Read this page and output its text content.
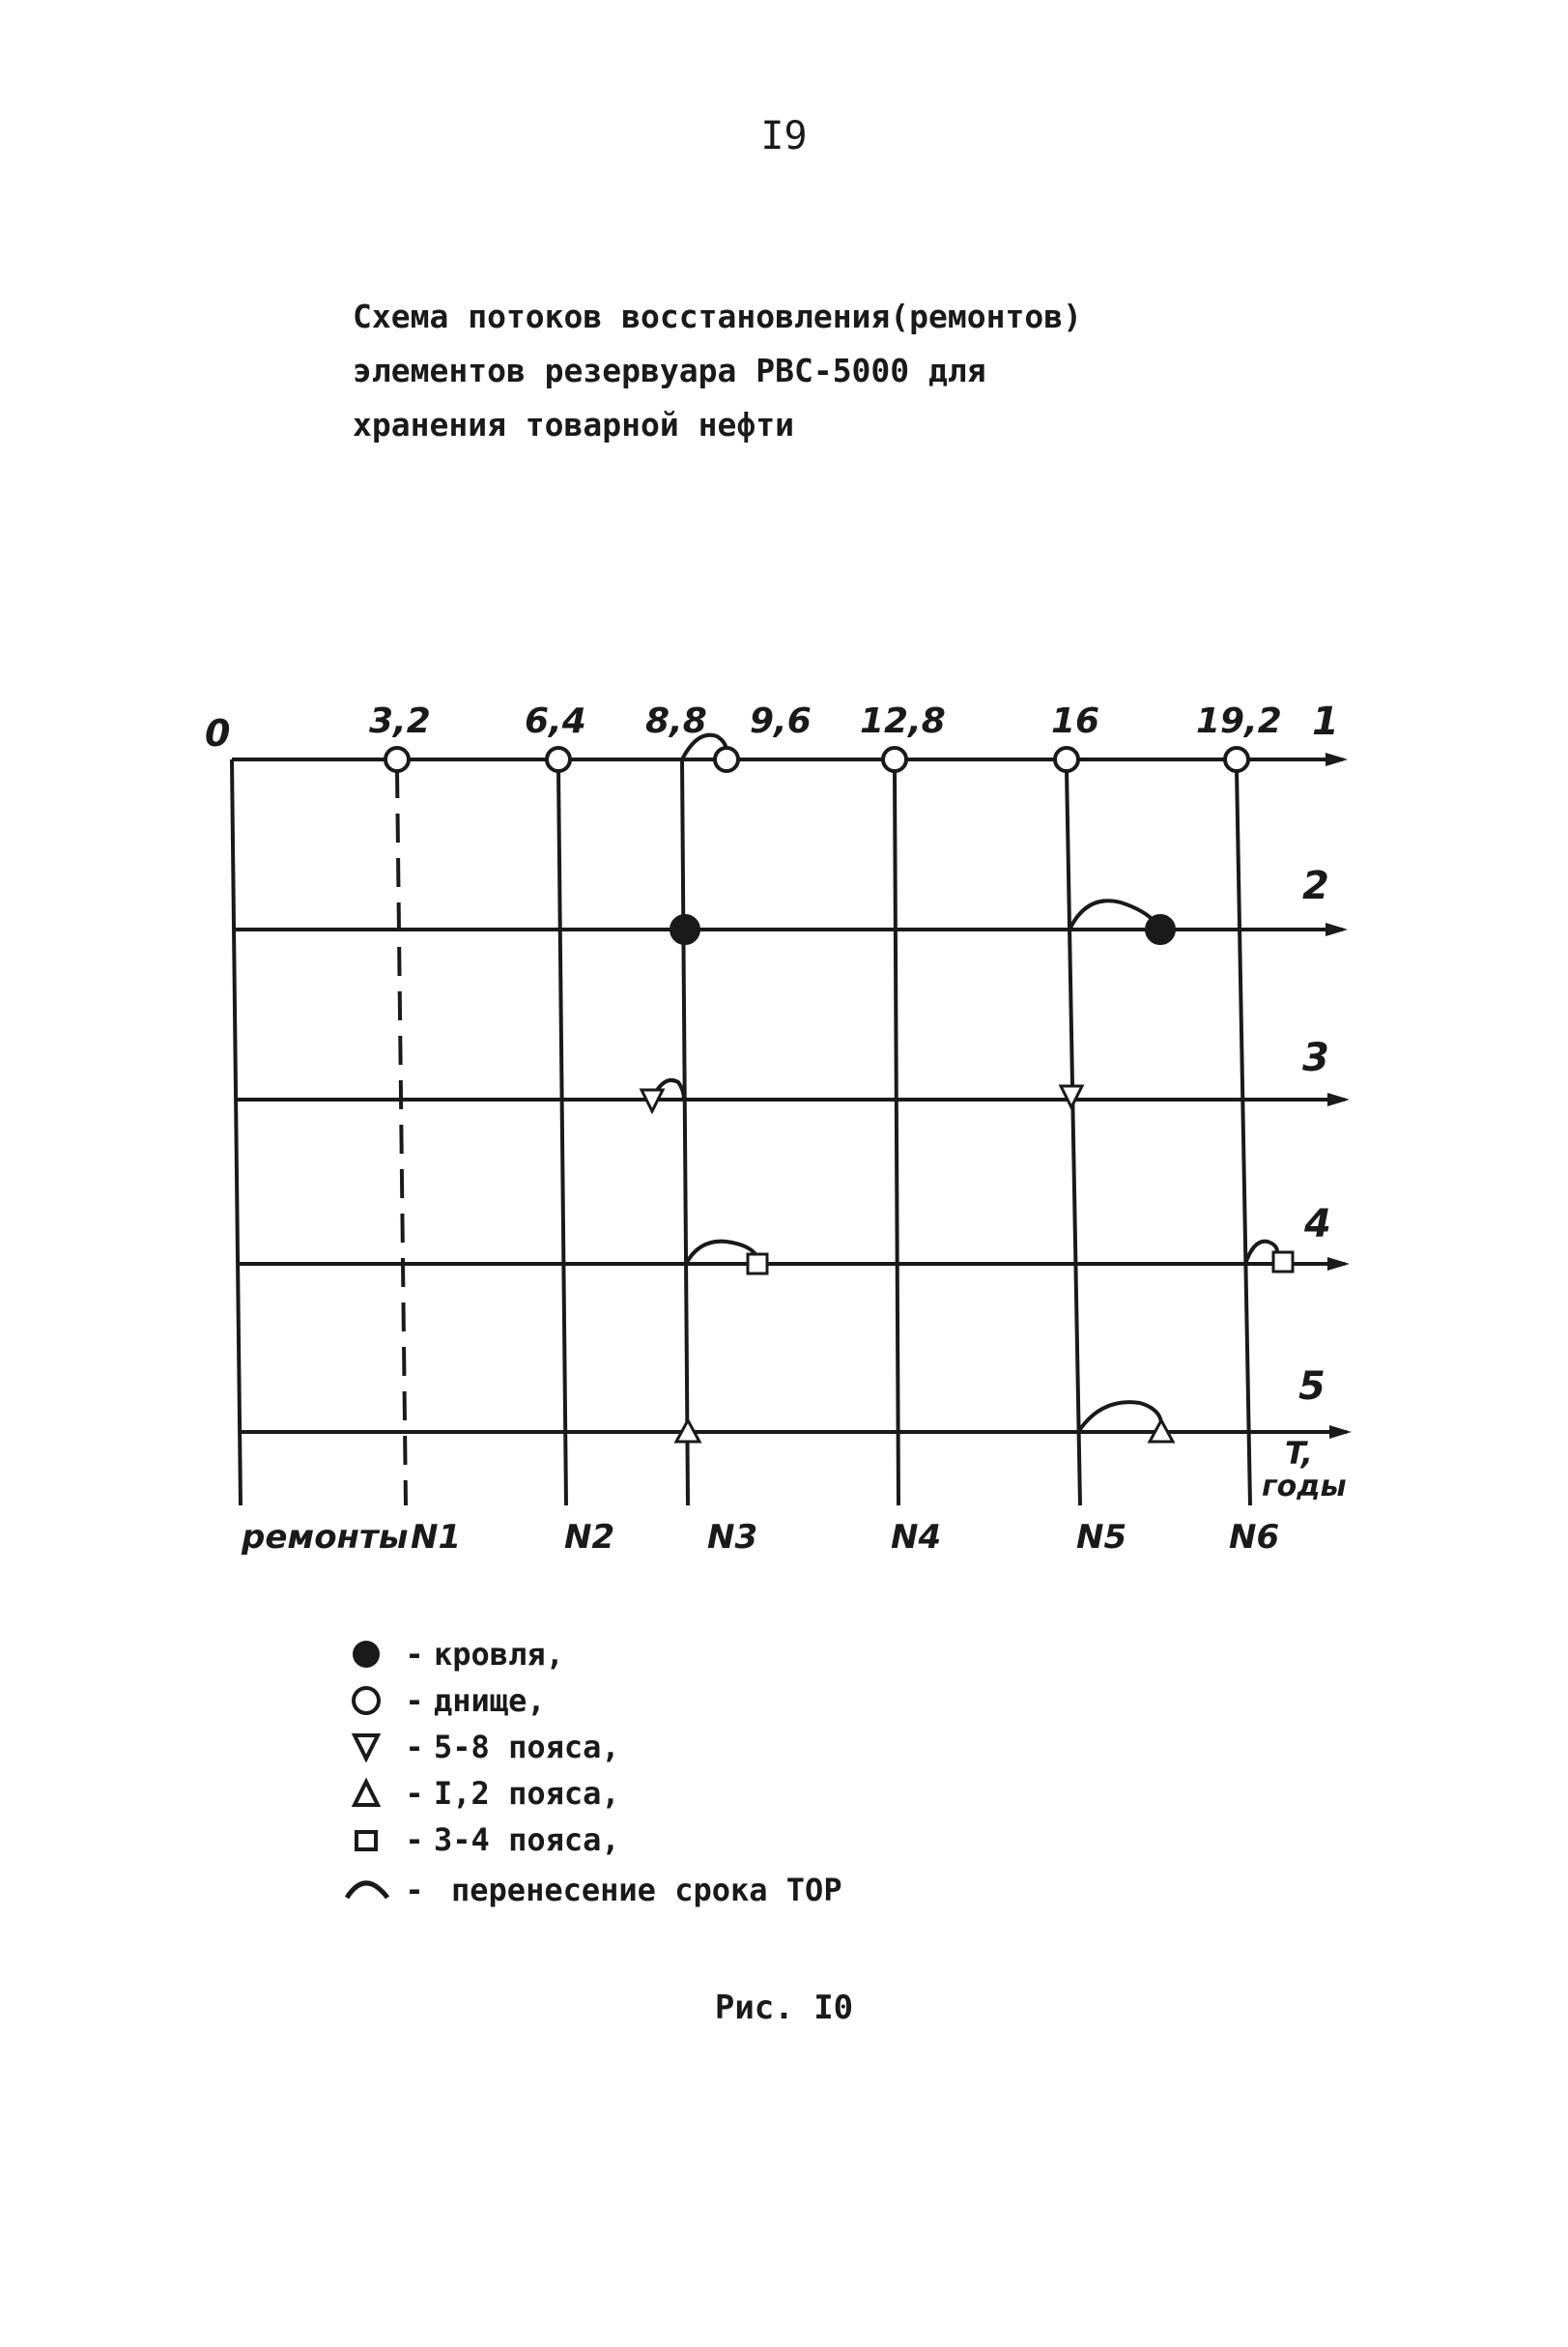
I9
Схема потоков восстановления(ремонтов)
элементов резервуара РВС-5000 для
хранения товарной нефти
0	3,2	6,4 8,8 9,6 12,8	16	19,2 1
2
3
4
5
T,
годы
ремонты N1	N2	N3	N4	N5	N6
- кровля,
- днище,
- 5-8 пояса,
- I,2 пояса,
- 3-4 пояса,
- перенесение срока ТОР
Рис. I0
